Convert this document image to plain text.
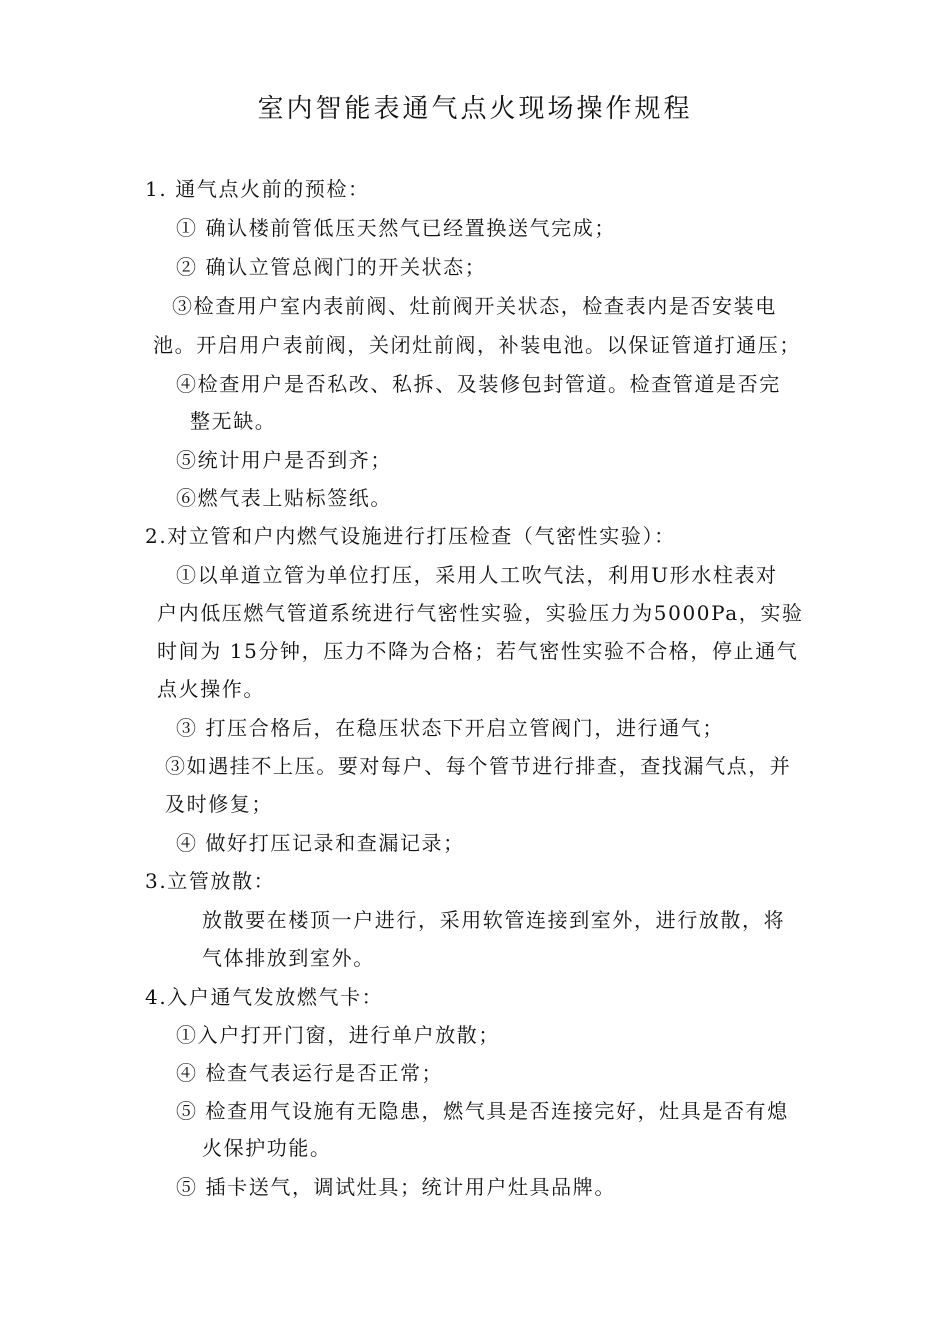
室内智能表通气点火现场操作规程
1. 通气点火前的预检：
① 确认楼前管低压天然气已经置换送气完成；
② 确认立管总阀门的开关状态；
③检查用户室内表前阀、灶前阀开关状态，检查表内是否安装电
池。开启用户表前阀，关闭灶前阀，补装电池。以保证管道打通压；
④检查用户是否私改、私拆、及装修包封管道。检查管道是否完
整无缺。
⑤统计用户是否到齐；
⑥燃气表上贴标签纸。
2.对立管和户内燃气设施进行打压检查（气密性实验）：
①以单道立管为单位打压，采用人工吹气法，利用U形水柱表对
户内低压燃气管道系统进行气密性实验，实验压力为5000Pa，实验
时间为 15分钟，压力不降为合格；若气密性实验不合格，停止通气
点火操作。
③ 打压合格后，在稳压状态下开启立管阀门，进行通气；
③如遇挂不上压。要对每户、每个管节进行排查，查找漏气点，并
及时修复；
④ 做好打压记录和查漏记录；
3.立管放散：
放散要在楼顶一户进行，采用软管连接到室外，进行放散，将
气体排放到室外。
4.入户通气发放燃气卡：
①入户打开门窗，进行单户放散；
④ 检查气表运行是否正常；
⑤ 检查用气设施有无隐患，燃气具是否连接完好，灶具是否有熄
火保护功能。
⑤ 插卡送气，调试灶具；统计用户灶具品牌。
